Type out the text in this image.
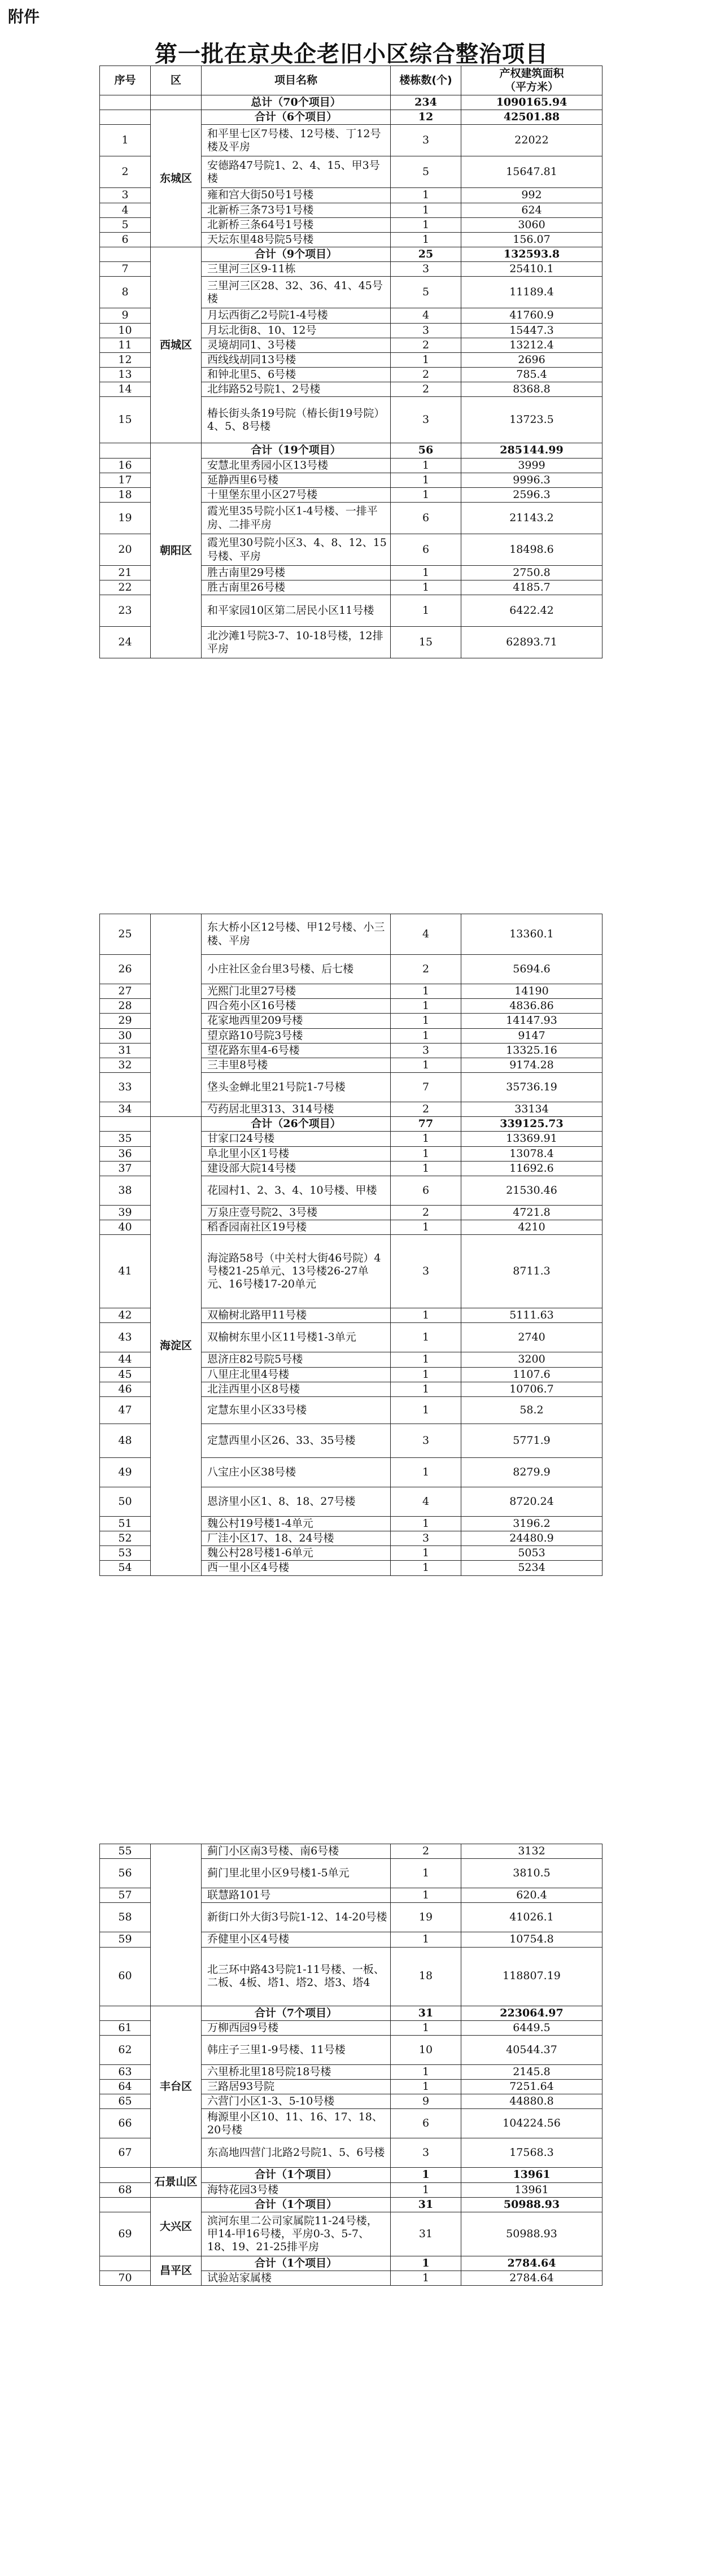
附件
第一批在京央企老旧小区综合整治项目
序号	区	项目名称	楼栋数(个)	产权建筑面积
（平方米）
		总计（70个项目）	234	1090165.94
	东城区	合计（6个项目）	12	42501.88
1		和平里七区7号楼、12号楼、丁12号楼及平房	3	22022
2		安德路47号院1、2、4、15、甲3号楼	5	15647.81
3		雍和宫大街50号1号楼	1	992
4		北新桥三条73号1号楼	1	624
5		北新桥三条64号1号楼	1	3060
6		天坛东里48号院5号楼	1	156.07
	西城区	合计（9个项目）	25	132593.8
7		三里河三区9-11栋	3	25410.1
8		三里河三区28、32、36、41、45号楼	5	11189.4
9		月坛西街乙2号院1-4号楼	4	41760.9
10		月坛北街8、10、12号	3	15447.3
11		灵境胡同1、3号楼	2	13212.4
12		西线线胡同13号楼	1	2696
13		和钟北里5、6号楼	2	785.4
14		北纬路52号院1、2号楼	2	8368.8
15		椿长街头条19号院（椿长街19号院）4、5、8号楼	3	13723.5
	朝阳区	合计（19个项目）	56	285144.99
16		安慧北里秀园小区13号楼	1	3999
17		延静西里6号楼	1	9996.3
18		十里堡东里小区27号楼	1	2596.3
19		霞光里35号院小区1-4号楼、一排平房、二排平房	6	21143.2
20		霞光里30号院小区3、4、8、12、15号楼、平房	6	18498.6
21		胜古南里29号楼	1	2750.8
22		胜古南里26号楼	1	4185.7
23		和平家园10区第二居民小区11号楼	1	6422.42
24		北沙滩1号院3-7、10-18号楼，12排平房	15	62893.71
25		东大桥小区12号楼、甲12号楼、小三楼、平房	4	13360.1
26		小庄社区金台里3号楼、后七楼	2	5694.6
27		光熙门北里27号楼	1	14190
28		四合苑小区16号楼	1	4836.86
29		花家地西里209号楼	1	14147.93
30		望京路10号院3号楼	1	9147
31		望花路东里4-6号楼	3	13325.16
32		三丰里8号楼	1	9174.28
33		垡头金蝉北里21号院1-7号楼	7	35736.19
34		芍药居北里313、314号楼	2	33134
	海淀区	合计（26个项目）	77	339125.73
35		甘家口24号楼	1	13369.91
36		阜北里小区1号楼	1	13078.4
37		建设部大院14号楼	1	11692.6
38		花园村1、2、3、4、10号楼、甲楼	6	21530.46
39		万泉庄壹号院2、3号楼	2	4721.8
40		稻香园南社区19号楼	1	4210
41		海淀路58号（中关村大街46号院）4号楼21-25单元、13号楼26-27单元、16号楼17-20单元	3	8711.3
42		双榆树北路甲11号楼	1	5111.63
43		双榆树东里小区11号楼1-3单元	1	2740
44		恩济庄82号院5号楼	1	3200
45		八里庄北里4号楼	1	1107.6
46		北洼西里小区8号楼	1	10706.7
47		定慧东里小区33号楼	1	58.2
48		定慧西里小区26、33、35号楼	3	5771.9
49		八宝庄小区38号楼	1	8279.9
50		恩济里小区1、8、18、27号楼	4	8720.24
51		魏公村19号楼1-4单元	1	3196.2
52		厂洼小区17、18、24号楼	3	24480.9
53		魏公村28号楼1-6单元	1	5053
54		西一里小区4号楼	1	5234
55		蓟门小区南3号楼、南6号楼	2	3132
56		蓟门里北里小区9号楼1-5单元	1	3810.5
57		联慧路101号	1	620.4
58		新街口外大街3号院1-12、14-20号楼	19	41026.1
59		乔健里小区4号楼	1	10754.8
60		北三环中路43号院1-11号楼、一板、二板、4板、塔1、塔2、塔3、塔4	18	118807.19
	丰台区	合计（7个项目）	31	223064.97
61		万柳西园9号楼	1	6449.5
62		韩庄子三里1-9号楼、11号楼	10	40544.37
63		六里桥北里18号院18号楼	1	2145.8
64		三路居93号院	1	7251.64
65		六营门小区1-3、5-10号楼	9	44880.8
66		梅源里小区10、11、16、17、18、20号楼	6	104224.56
67		东高地四营门北路2号院1、5、6号楼	3	17568.3
	石景山区	合计（1个项目）	1	13961
68		海特花园3号楼	1	13961
	大兴区	合计（1个项目）	31	50988.93
69		滨河东里二公司家属院11-24号楼，甲14-甲16号楼，平房0-3、5-7、18、19、21-25排平房	31	50988.93
	昌平区	合计（1个项目）	1	2784.64
70		试验站家属楼	1	2784.64
